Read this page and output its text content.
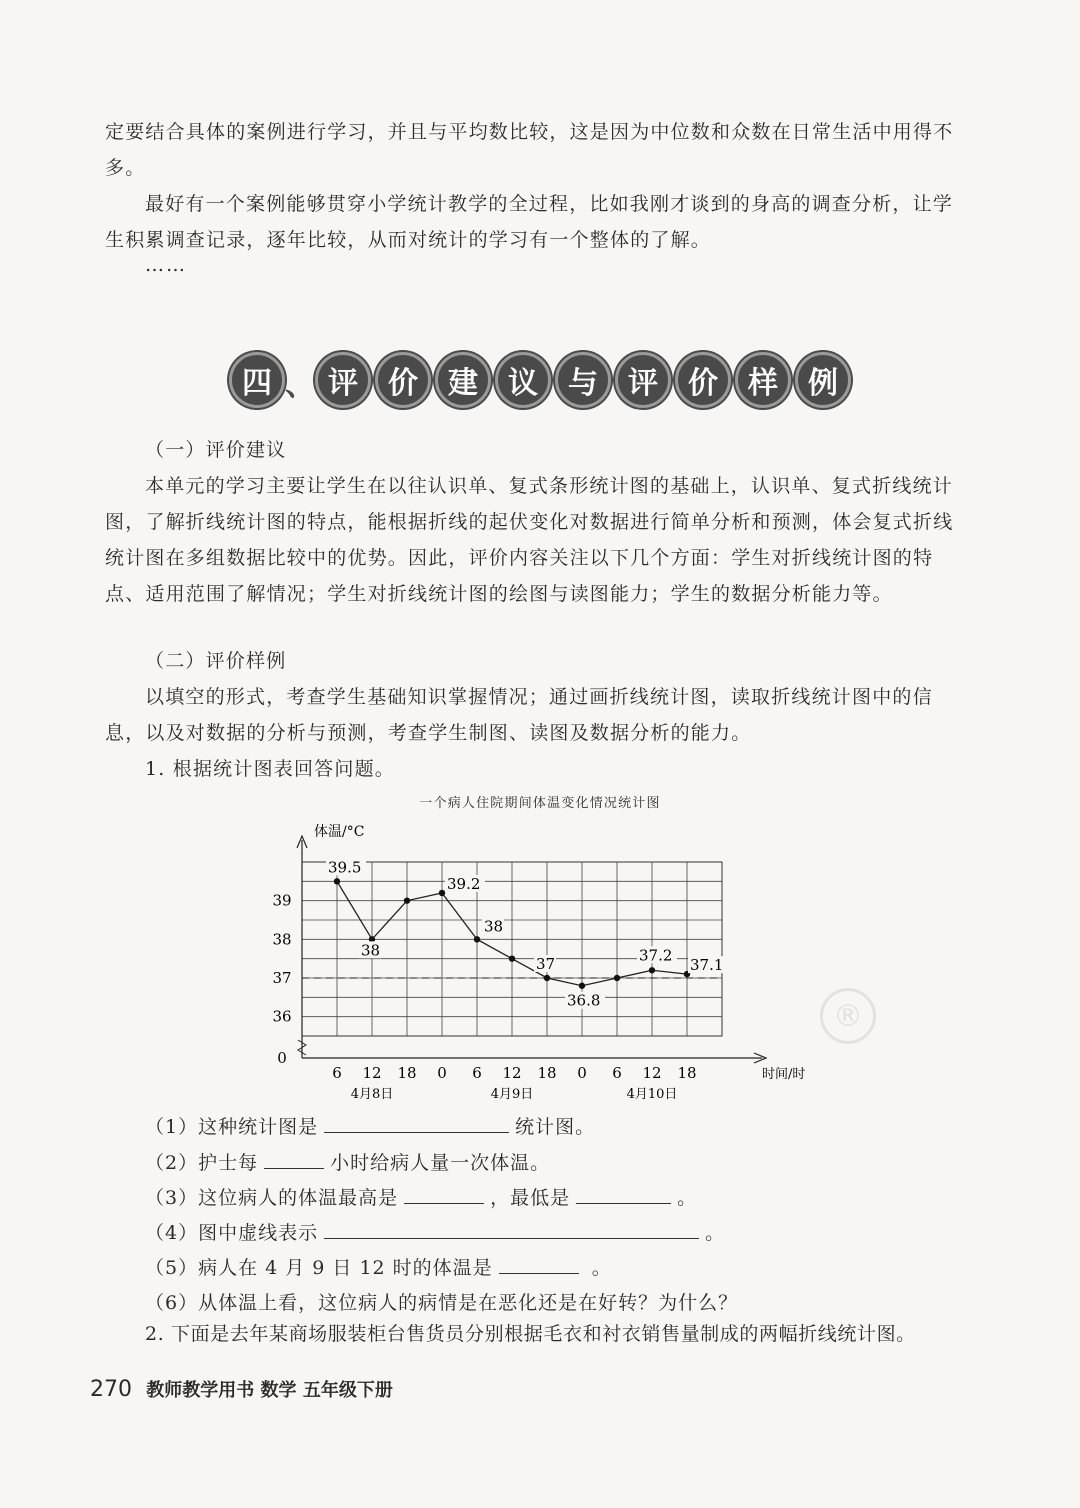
定要结合具体的案例进行学习，并且与平均数比较，这是因为中位数和众数在日常生活中用得不多。

最好有一个案例能够贯穿小学统计教学的全过程，比如我刚才谈到的身高的调查分析，让学生积累调查记录，逐年比较，从而对统计的学习有一个整体的了解。

……
四 、 评	价	建	议	与	评	价	样	例

（一）评价建议

本单元的学习主要让学生在以往认识单、复式条形统计图的基础上，认识单、复式折线统计图，了解折线统计图的特点，能根据折线的起伏变化对数据进行简单分析和预测，体会复式折线统计图在多组数据比较中的优势。因此，评价内容关注以下几个方面：学生对折线统计图的特点、适用范围了解情况；学生对折线统计图的绘图与读图能力；学生的数据分析能力等。

（二）评价样例

以填空的形式，考查学生基础知识掌握情况；通过画折线统计图，读取折线统计图中的信息，以及对数据的分析与预测，考查学生制图、读图及数据分析的能力。

1. 根据统计图表回答问题。

一个病人住院期间体温变化情况统计图
体温/°C
时间/时
0
36
37
38
39
6 12 18 0 6 12 18 0 6 12 18
4月8日	4月9日	4月10日
39.5
38
39.2
38
37
36.8
37.2
37.1
®

（1）这种统计图是	统计图。

（2）护士每	小时给病人量一次体温。

（3）这位病人的体温最高是	，最低是	。

（4）图中虚线表示	。

（5）病人在 4 月 9 日 12 时的体温是	。

（6）从体温上看，这位病人的病情是在恶化还是在好转？为什么？

2. 下面是去年某商场服装柜台售货员分别根据毛衣和衬衣销售量制成的两幅折线统计图。

270 教师教学用书 数学 五年级下册
